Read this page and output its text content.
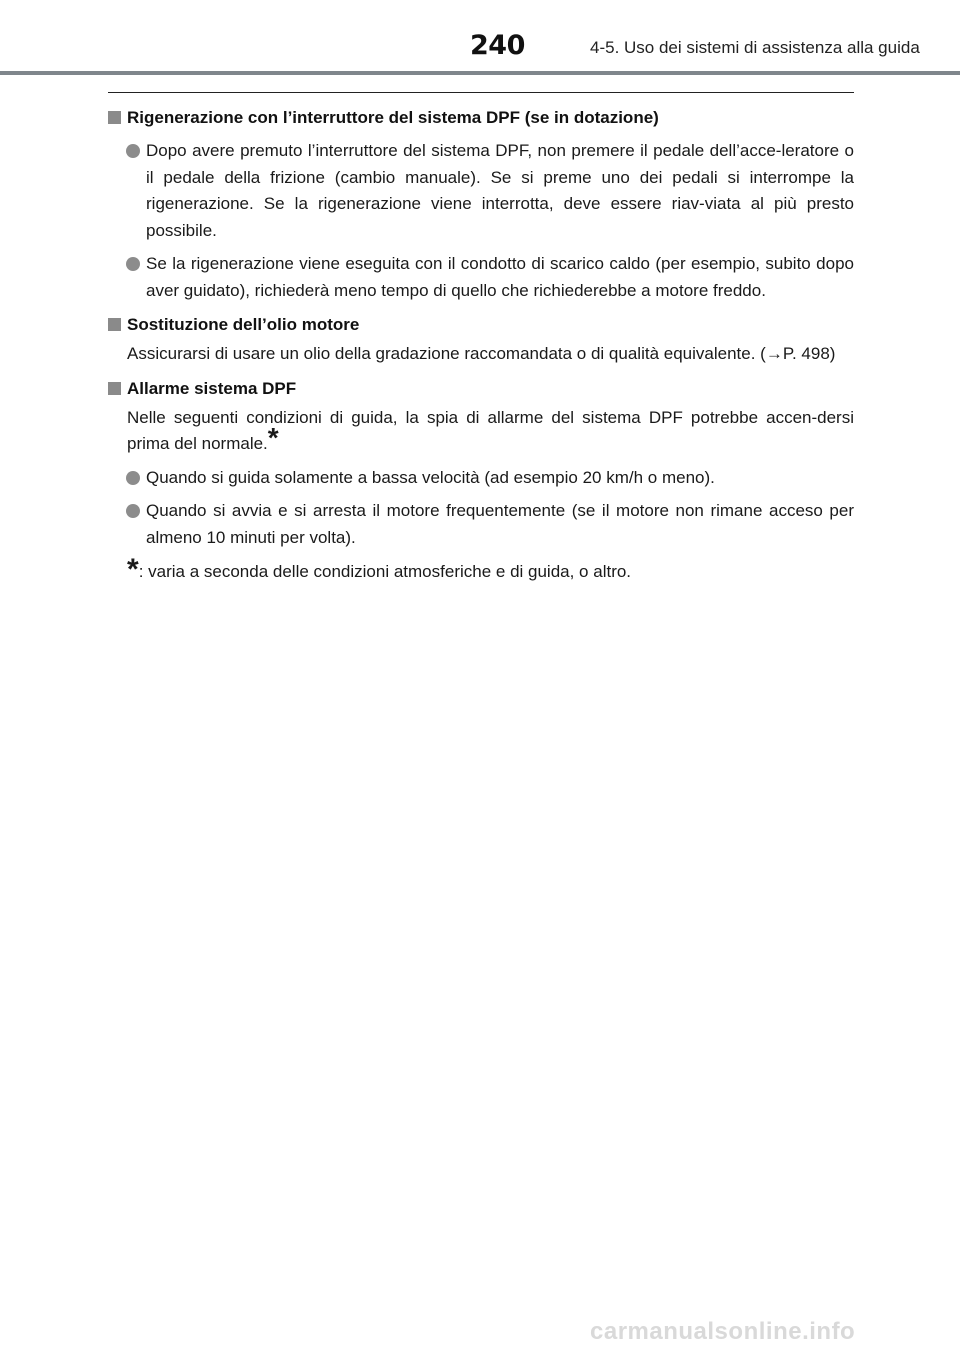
240	4-5. Uso dei sistemi di assistenza alla guida
Rigenerazione con l’interruttore del sistema DPF (se in dotazione)
Dopo avere premuto l’interruttore del sistema DPF, non premere il pedale dell’acce-leratore o il pedale della frizione (cambio manuale). Se si preme uno dei pedali si interrompe la rigenerazione. Se la rigenerazione viene interrotta, deve essere riav-viata al più presto possibile.
Se la rigenerazione viene eseguita con il condotto di scarico caldo (per esempio, subito dopo aver guidato), richiederà meno tempo di quello che richiederebbe a motore freddo.
Sostituzione dell’olio motore
Assicurarsi di usare un olio della gradazione raccomandata o di qualità equivalente. (→P. 498)
Allarme sistema DPF
Nelle seguenti condizioni di guida, la spia di allarme del sistema DPF potrebbe accen-dersi prima del normale.*
Quando si guida solamente a bassa velocità (ad esempio 20 km/h o meno).
Quando si avvia e si arresta il motore frequentemente (se il motore non rimane acceso per almeno 10 minuti per volta).
*: varia a seconda delle condizioni atmosferiche e di guida, o altro.
carmanualsonline.info
